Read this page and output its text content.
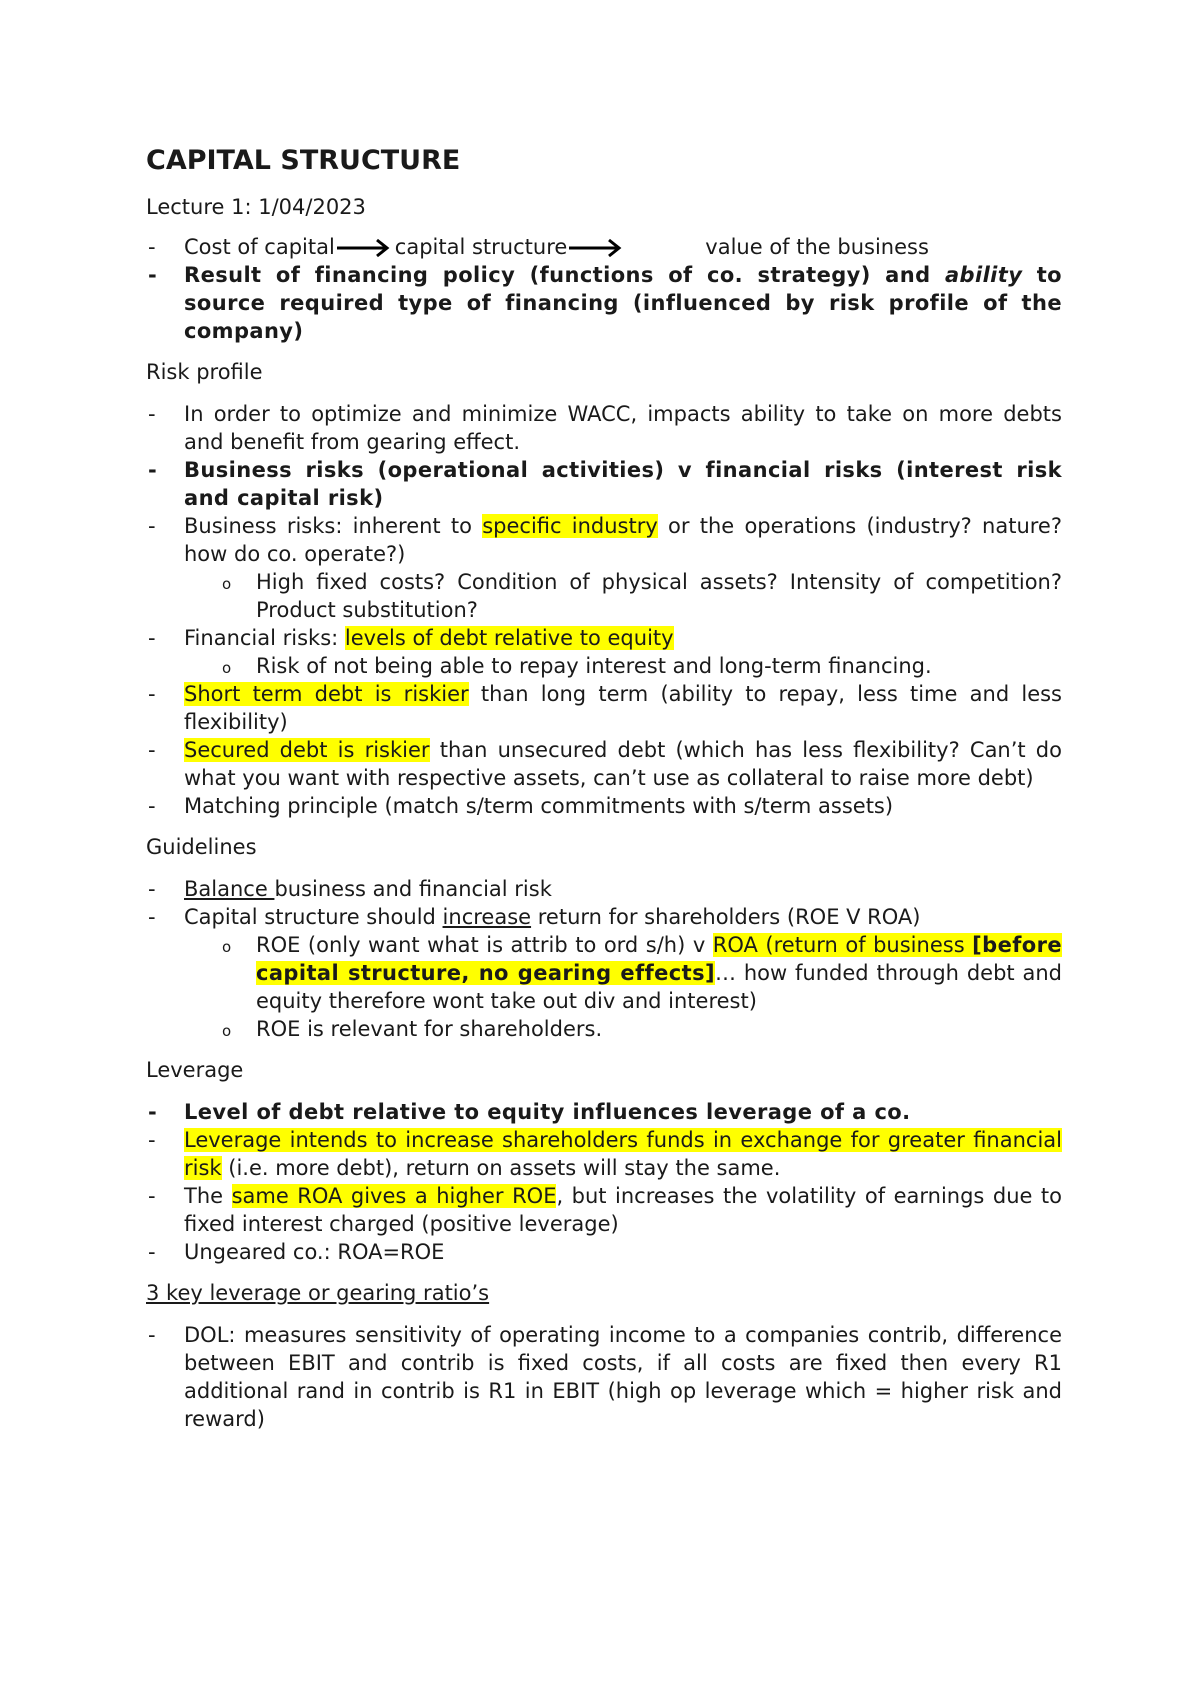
CAPITAL STRUCTURE
Lecture 1: 1/04/2023
- Cost of capital	capital structure	value of the business
- Result of financing policy (functions of co. strategy) and ability to source required type of financing (influenced by risk profile of the company)
Risk profile
- In order to optimize and minimize WACC, impacts ability to take on more debts and benefit from gearing effect.
- Business risks (operational activities) v financial risks (interest risk and capital risk)
- Business risks: inherent to specific industry or the operations (industry? nature? how do co. operate?)
o High fixed costs? Condition of physical assets? Intensity of competition? Product substitution?
- Financial risks: levels of debt relative to equity
o Risk of not being able to repay interest and long-term financing.
- Short term debt is riskier than long term (ability to repay, less time and less flexibility)
- Secured debt is riskier than unsecured debt (which has less flexibility? Can’t do what you want with respective assets, can’t use as collateral to raise more debt)
- Matching principle (match s/term commitments with s/term assets)
Guidelines
- Balance business and financial risk
- Capital structure should increase return for shareholders (ROE V ROA)
o ROE (only want what is attrib to ord s/h) v ROA (return of business [before capital structure, no gearing effects]… how funded through debt and equity therefore wont take out div and interest)
o ROE is relevant for shareholders.
Leverage
- Level of debt relative to equity influences leverage of a co.
- Leverage intends to increase shareholders funds in exchange for greater financial risk (i.e. more debt), return on assets will stay the same.
- The same ROA gives a higher ROE, but increases the volatility of earnings due to fixed interest charged (positive leverage)
- Ungeared co.: ROA=ROE
3 key leverage or gearing ratio’s
- DOL: measures sensitivity of operating income to a companies contrib, difference between EBIT and contrib is fixed costs, if all costs are fixed then every R1 additional rand in contrib is R1 in EBIT (high op leverage which = higher risk and reward)
